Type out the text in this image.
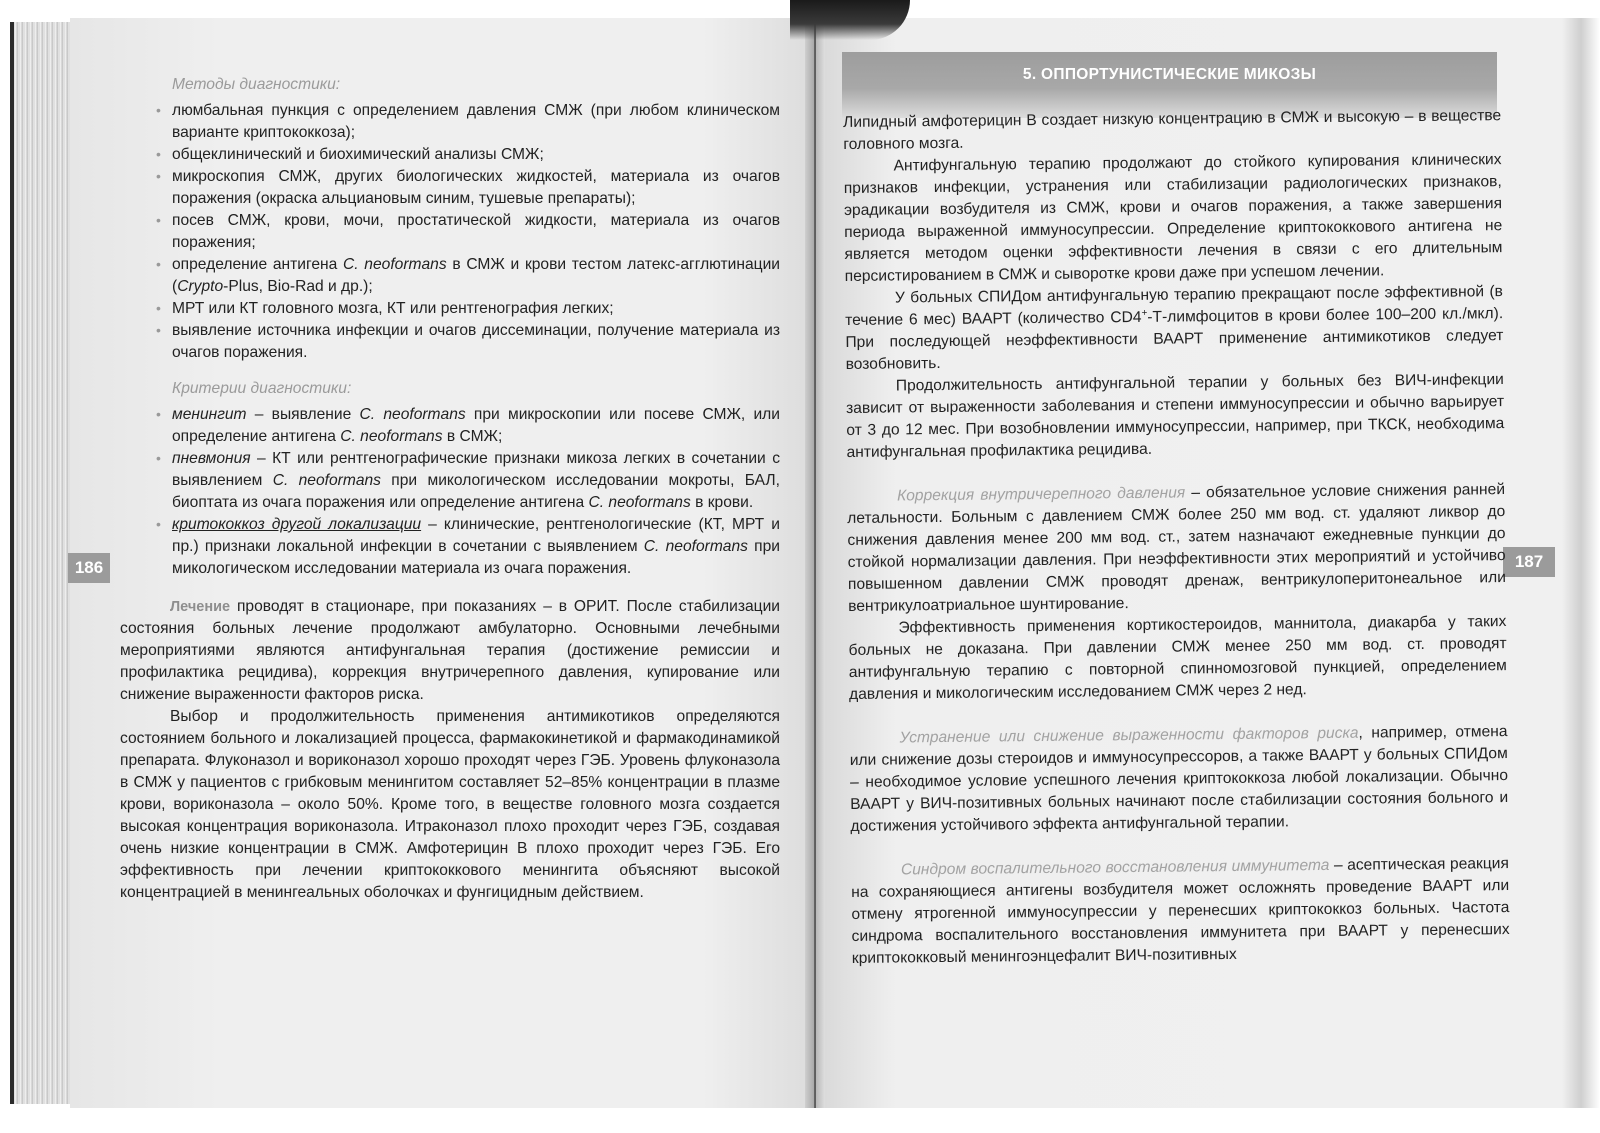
186	187

Методы диагностики:

• люмбальная пункция с определением давления СМЖ (при любом клиническом варианте криптококкоза);
• общеклинический и биохимический анализы СМЖ;
• микроскопия СМЖ, других биологических жидкостей, материала из очагов поражения (окраска альциановым синим, тушевые препараты);
• посев СМЖ, крови, мочи, простатической жидкости, материала из очагов поражения;
• определение антигена C. neoformans в СМЖ и крови тестом латекс-агглютинации (Crypto-Plus, Bio-Rad и др.);
• МРТ или КТ головного мозга, КТ или рентгенография легких;
• выявление источника инфекции и очагов диссеминации, получение материала из очагов поражения.

Критерии диагностики:

• менингит – выявление C. neoformans при микроскопии или посеве СМЖ, или определение антигена C. neoformans в СМЖ;
• пневмония – КТ или рентгенографические признаки микоза легких в сочетании с выявлением C. neoformans при микологическом исследовании мокроты, БАЛ, биоптата из очага поражения или определение антигена C. neoformans в крови.
• критококкоз другой локализации – клинические, рентгенологические (КТ, МРТ и пр.) признаки локальной инфекции в сочетании с выявлением C. neoformans при микологическом исследовании материала из очага поражения.

Лечение проводят в стационаре, при показаниях – в ОРИТ. После стабилизации состояния больных лечение продолжают амбулаторно. Основными лечебными мероприятиями являются антифунгальная терапия (достижение ремиссии и профилактика рецидива), коррекция внутричерепного давления, купирование или снижение выраженности факторов риска.

Выбор и продолжительность применения антимикотиков определяются состоянием больного и локализацией процесса, фармакокинетикой и фармакодинамикой препарата. Флуконазол и вориконазол хорошо проходят через ГЭБ. Уровень флуконазола в СМЖ у пациентов с грибковым менингитом составляет 52–85% концентрации в плазме крови, вориконазола – около 50%. Кроме того, в веществе головного мозга создается высокая концентрация вориконазола. Итраконазол плохо проходит через ГЭБ, создавая очень низкие концентрации в СМЖ. Амфотерицин В плохо проходит через ГЭБ. Его эффективность при лечении криптококкового менингита объясняют высокой концентрацией в менингеальных оболочках и фунгицидным действием.

5. ОППОРТУНИСТИЧЕСКИЕ МИКОЗЫ

Липидный амфотерицин В создает низкую концентрацию в СМЖ и высокую – в веществе головного мозга.

Антифунгальную терапию продолжают до стойкого купирования клинических признаков инфекции, устранения или стабилизации радиологических признаков, эрадикации возбудителя из СМЖ, крови и очагов поражения, а также завершения периода выраженной иммуносупрессии. Определение криптококкового антигена не является методом оценки эффективности лечения в связи с его длительным персистированием в СМЖ и сыворотке крови даже при успешом лечении.

У больных СПИДом антифунгальную терапию прекращают после эффективной (в течение 6 мес) ВААРТ (количество CD4+-Т-лимфоцитов в крови более 100–200 кл./мкл). При последующей неэффективности ВААРТ применение антимикотиков следует возобновить.

Продолжительность антифунгальной терапии у больных без ВИЧ-инфекции зависит от выраженности заболевания и степени иммуносупрессии и обычно варьирует от 3 до 12 мес. При возобновлении иммуносупрессии, например, при ТКСК, необходима антифунгальная профилактика рецидива.

Коррекция внутричерепного давления – обязательное условие снижения ранней летальности. Больным с давлением СМЖ более 250 мм вод. ст. удаляют ликвор до снижения давления менее 200 мм вод. ст., затем назначают ежедневные пункции до стойкой нормализации давления. При неэффективности этих мероприятий и устойчиво повышенном давлении СМЖ проводят дренаж, вентрикулоперитонеальное или вентрикулоатриальное шунтирование.

Эффективность применения кортикостероидов, маннитола, диакарба у таких больных не доказана. При давлении СМЖ менее 250 мм вод. ст. проводят антифунгальную терапию с повторной спинномозговой пункцией, определением давления и микологическим исследованием СМЖ через 2 нед.

Устранение или снижение выраженности факторов риска, например, отмена или снижение дозы стероидов и иммуносупрессоров, а также ВААРТ у больных СПИДом – необходимое условие успешного лечения криптококкоза любой локализации. Обычно ВААРТ у ВИЧ-позитивных больных начинают после стабилизации состояния больного и достижения устойчивого эффекта антифунгальной терапии.

Синдром воспалительного восстановления иммунитета – асептическая реакция на сохраняющиеся антигены возбудителя может осложнять проведение ВААРТ или отмену ятрогенной иммуносупрессии у перенесших криптококкоз больных. Частота синдрома воспалительного восстановления иммунитета при ВААРТ у перенесших криптококковый менингоэнцефалит ВИЧ-позитивных
